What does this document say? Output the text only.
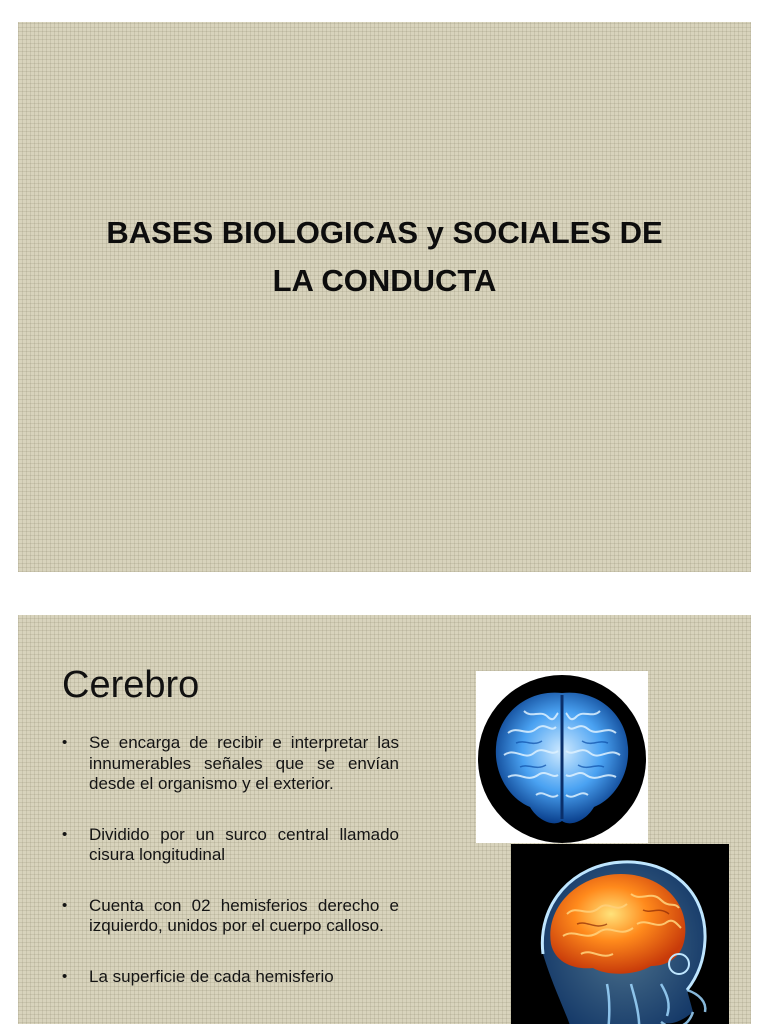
BASES BIOLOGICAS y SOCIALES DE
LA CONDUCTA
Cerebro
• Se encarga de recibir e interpretar las innumerables señales que se envían desde el organismo y el exterior.
• Dividido por un surco central llamado cisura longitudinal
• Cuenta con 02 hemisferios derecho e izquierdo, unidos por el cuerpo calloso.
• La superficie de cada hemisferio
